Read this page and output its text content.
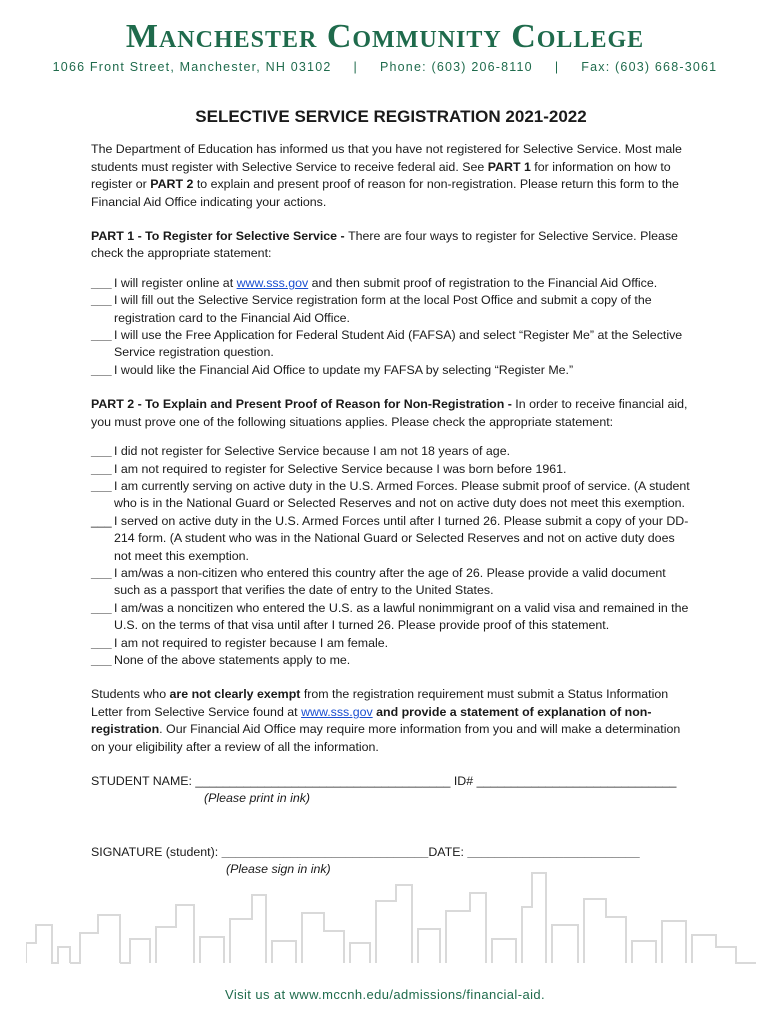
Manchester Community College
1066 Front Street, Manchester, NH 03102 | Phone: (603) 206-8110 | Fax: (603) 668-3061
SELECTIVE SERVICE REGISTRATION 2021-2022

The Department of Education has informed us that you have not registered for Selective Service. Most male students must register with Selective Service to receive federal aid. See PART 1 for information on how to register or PART 2 to explain and present proof of reason for non-registration. Please return this form to the Financial Aid Office indicating your actions.

PART 1 - To Register for Selective Service - There are four ways to register for Selective Service. Please check the appropriate statement:

___ I will register online at www.sss.gov and then submit proof of registration to the Financial Aid Office.
___ I will fill out the Selective Service registration form at the local Post Office and submit a copy of the registration card to the Financial Aid Office.
___ I will use the Free Application for Federal Student Aid (FAFSA) and select “Register Me” at the Selective Service registration question.
___ I would like the Financial Aid Office to update my FAFSA by selecting “Register Me.”

PART 2 - To Explain and Present Proof of Reason for Non-Registration - In order to receive financial aid, you must prove one of the following situations applies. Please check the appropriate statement:

___ I did not register for Selective Service because I am not 18 years of age.
___ I am not required to register for Selective Service because I was born before 1961.
___ I am currently serving on active duty in the U.S. Armed Forces. Please submit proof of service. (A student who is in the National Guard or Selected Reserves and not on active duty does not meet this exemption.
___ I served on active duty in the U.S. Armed Forces until after I turned 26. Please submit a copy of your DD-214 form. (A student who was in the National Guard or Selected Reserves and not on active duty does not meet this exemption.
___ I am/was a non-citizen who entered this country after the age of 26. Please provide a valid document such as a passport that verifies the date of entry to the United States.
___ I am/was a noncitizen who entered the U.S. as a lawful nonimmigrant on a valid visa and remained in the U.S. on the terms of that visa until after I turned 26. Please provide proof of this statement.
___ I am not required to register because I am female.
___ None of the above statements apply to me.

Students who are not clearly exempt from the registration requirement must submit a Status Information Letter from Selective Service found at www.sss.gov and provide a statement of explanation of non-registration. Our Financial Aid Office may require more information from you and will make a determination on your eligibility after a review of all the information.

STUDENT NAME: _____________________________________ ID# _____________________________
(Please print in ink)
SIGNATURE (student): ______________________________DATE: _________________________
(Please sign in ink)
Visit us at www.mccnh.edu/admissions/financial-aid.
